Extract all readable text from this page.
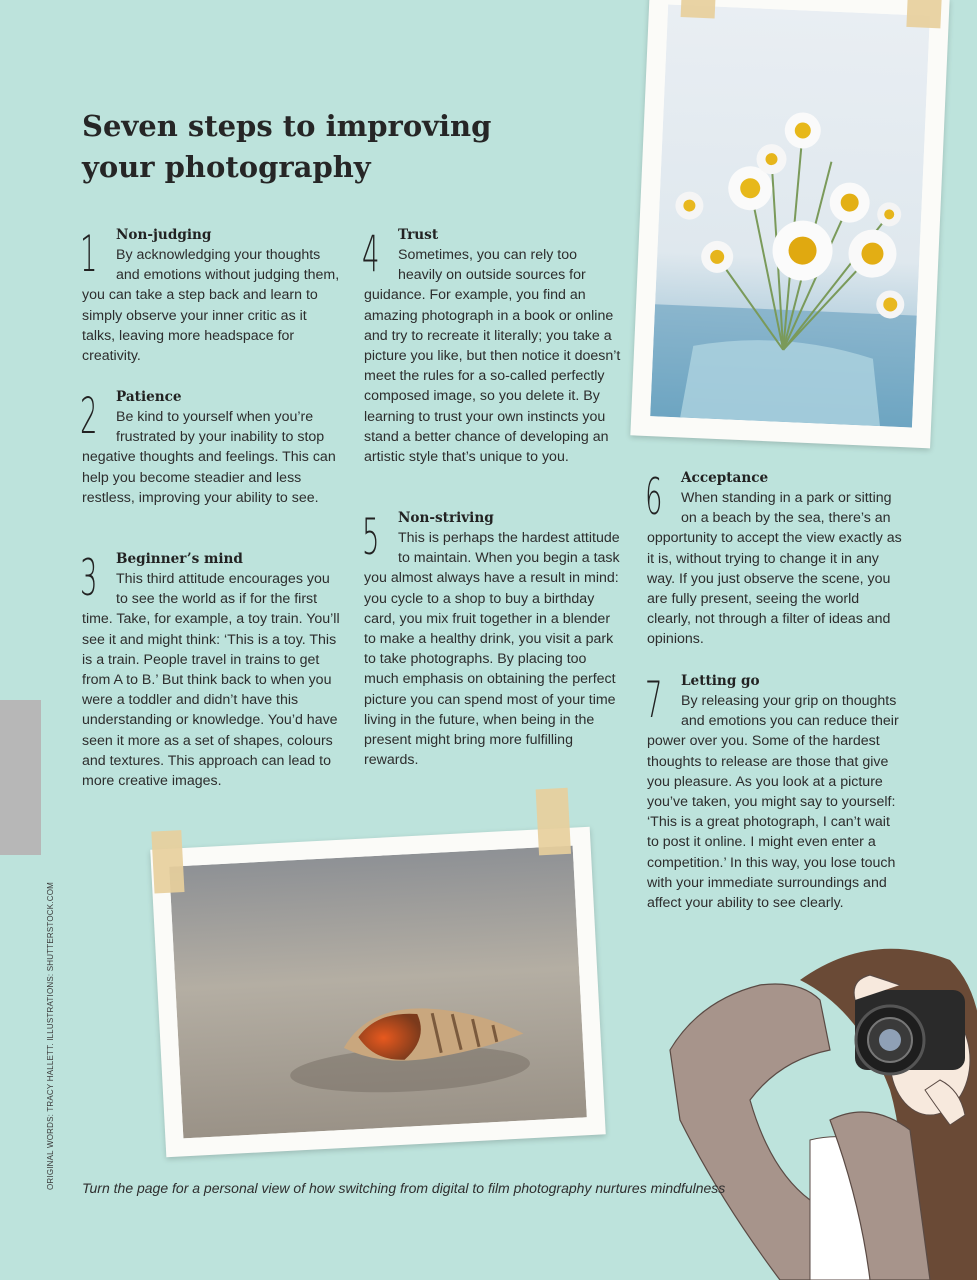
Seven steps to improving your photography
1	Non-judging
By acknowledging your thoughts and emotions without judging them, you can take a step back and learn to simply observe your inner critic as it talks, leaving more headspace for creativity.
2	Patience
Be kind to yourself when you’re frustrated by your inability to stop negative thoughts and feelings. This can help you become steadier and less restless, improving your ability to see.
3	Beginner’s mind
This third attitude encourages you to see the world as if for the first time. Take, for example, a toy train. You’ll see it and might think: ‘This is a toy. This is a train. People travel in trains to get from A to B.’ But think back to when you were a toddler and didn’t have this understanding or knowledge. You’d have seen it more as a set of shapes, colours and textures. This approach can lead to more creative images.
4	Trust
Sometimes, you can rely too heavily on outside sources for guidance. For example, you find an amazing photograph in a book or online and try to recreate it literally; you take a picture you like, but then notice it doesn’t meet the rules for a so-called perfectly composed image, so you delete it. By learning to trust your own instincts you stand a better chance of developing an artistic style that’s unique to you.
5	Non-striving
This is perhaps the hardest attitude to maintain. When you begin a task you almost always have a result in mind: you cycle to a shop to buy a birthday card, you mix fruit together in a blender to make a healthy drink, you visit a park to take photographs. By placing too much emphasis on obtaining the perfect picture you can spend most of your time living in the future, when being in the present might bring more fulfilling rewards.
6	Acceptance
When standing in a park or sitting on a beach by the sea, there’s an opportunity to accept the view exactly as it is, without trying to change it in any way. If you just observe the scene, you are fully present, seeing the world clearly, not through a filter of ideas and opinions.
7	Letting go
By releasing your grip on thoughts and emotions you can reduce their power over you. Some of the hardest thoughts to release are those that give you pleasure. As you look at a picture you’ve taken, you might say to yourself: ‘This is a great photograph, I can’t wait to post it online. I might even enter a competition.’ In this way, you lose touch with your immediate surroundings and affect your ability to see clearly.
Turn the page for a personal view of how switching from digital to film photography nurtures mindfulness
ORIGINAL WORDS: TRACY HALLETT. ILLUSTRATIONS: SHUTTERSTOCK.COM
